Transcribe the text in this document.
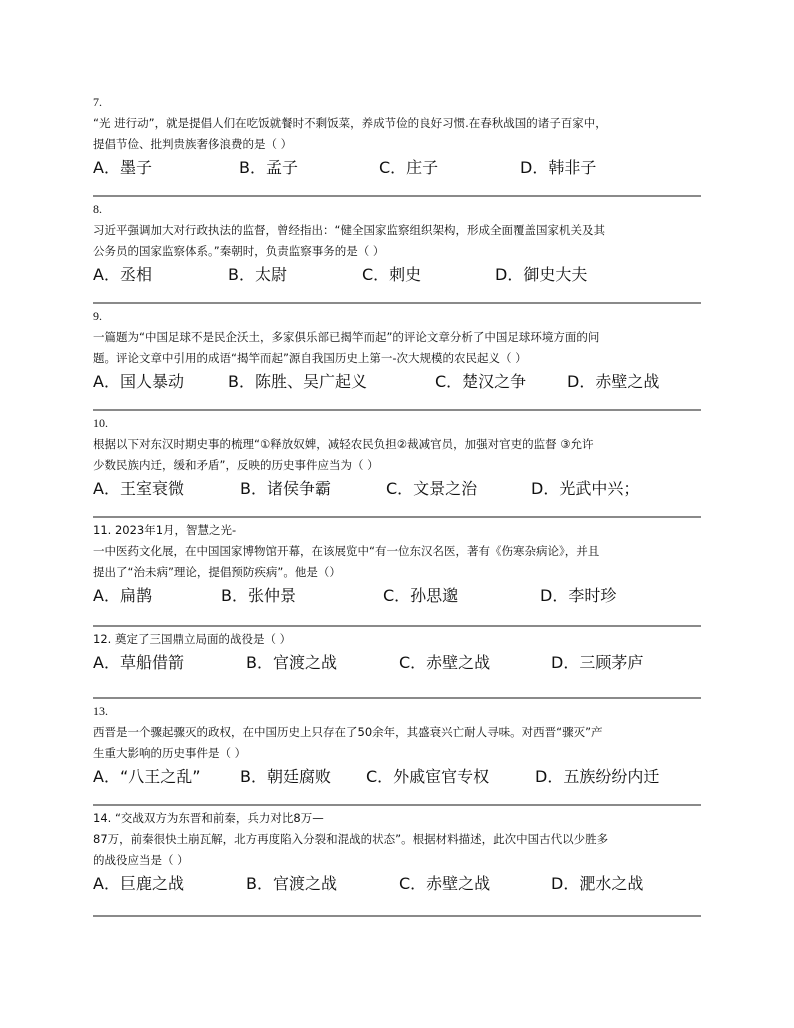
7.
“光 进行动”，就是提倡人们在吃饭就餐时不剩饭菜，养成节俭的良好习惯.在春秋战国的诸子百家中，
提倡节俭、批判贵族奢侈浪费的是（ ）
A．墨子	B．孟子	C．庄子	D．韩非子
8.
习近平强调加大对行政执法的监督，曾经指出：“健全国家监察组织架构，形成全面覆盖国家机关及其
公务员的国家监察体系。”秦朝时，负责监察事务的是（ ）
A．丞相	B．太尉	C．刺史	D．御史大夫
9.
一篇题为“中国足球不是民企沃土，多家俱乐部已揭竿而起”的评论文章分析了中国足球环境方面的问
题。评论文章中引用的成语“揭竿而起”源自我国历史上第一-次大规模的农民起义（ ）
A．国人暴动	B．陈胜、吴广起义	C．楚汉之争	D．赤壁之战
10.
根据以下对东汉时期史事的梳理“①释放奴婢，减轻农民负担②裁减官员，加强对官吏的监督 ③允许
少数民族内迁，缓和矛盾”，反映的历史事件应当为（ ）
A．王室衰微	B．诸侯争霸	C．文景之治	D．光武中兴；
11. 2023年1月，智慧之光-
一中医药文化展，在中国国家博物馆开幕，在该展览中“有一位东汉名医，著有《伤寒杂病论》，并且
提出了“治未病”理论，提倡预防疾病”。他是（）
A．扁鹊	B．张仲景	C．孙思邈	D．李时珍
12. 奠定了三国鼎立局面的战役是（ ）
A．草船借箭	B．官渡之战	C．赤壁之战	D．三顾茅庐
13.
西晋是一个骤起骤灭的政权，在中国历史上只存在了50余年，其盛衰兴亡耐人寻味。对西晋“骤灭”产
生重大影响的历史事件是（ ）
A．“八王之乱” B．朝廷腐败 C．外戚宦官专权	D．五族纷纷内迁
14. “交战双方为东晋和前秦，兵力对比8万—
87万，前秦很快土崩瓦解，北方再度陷入分裂和混战的状态”。根据材料描述，此次中国古代以少胜多
的战役应当是（ ）
A．巨鹿之战	B．官渡之战	C．赤壁之战	D．淝水之战
